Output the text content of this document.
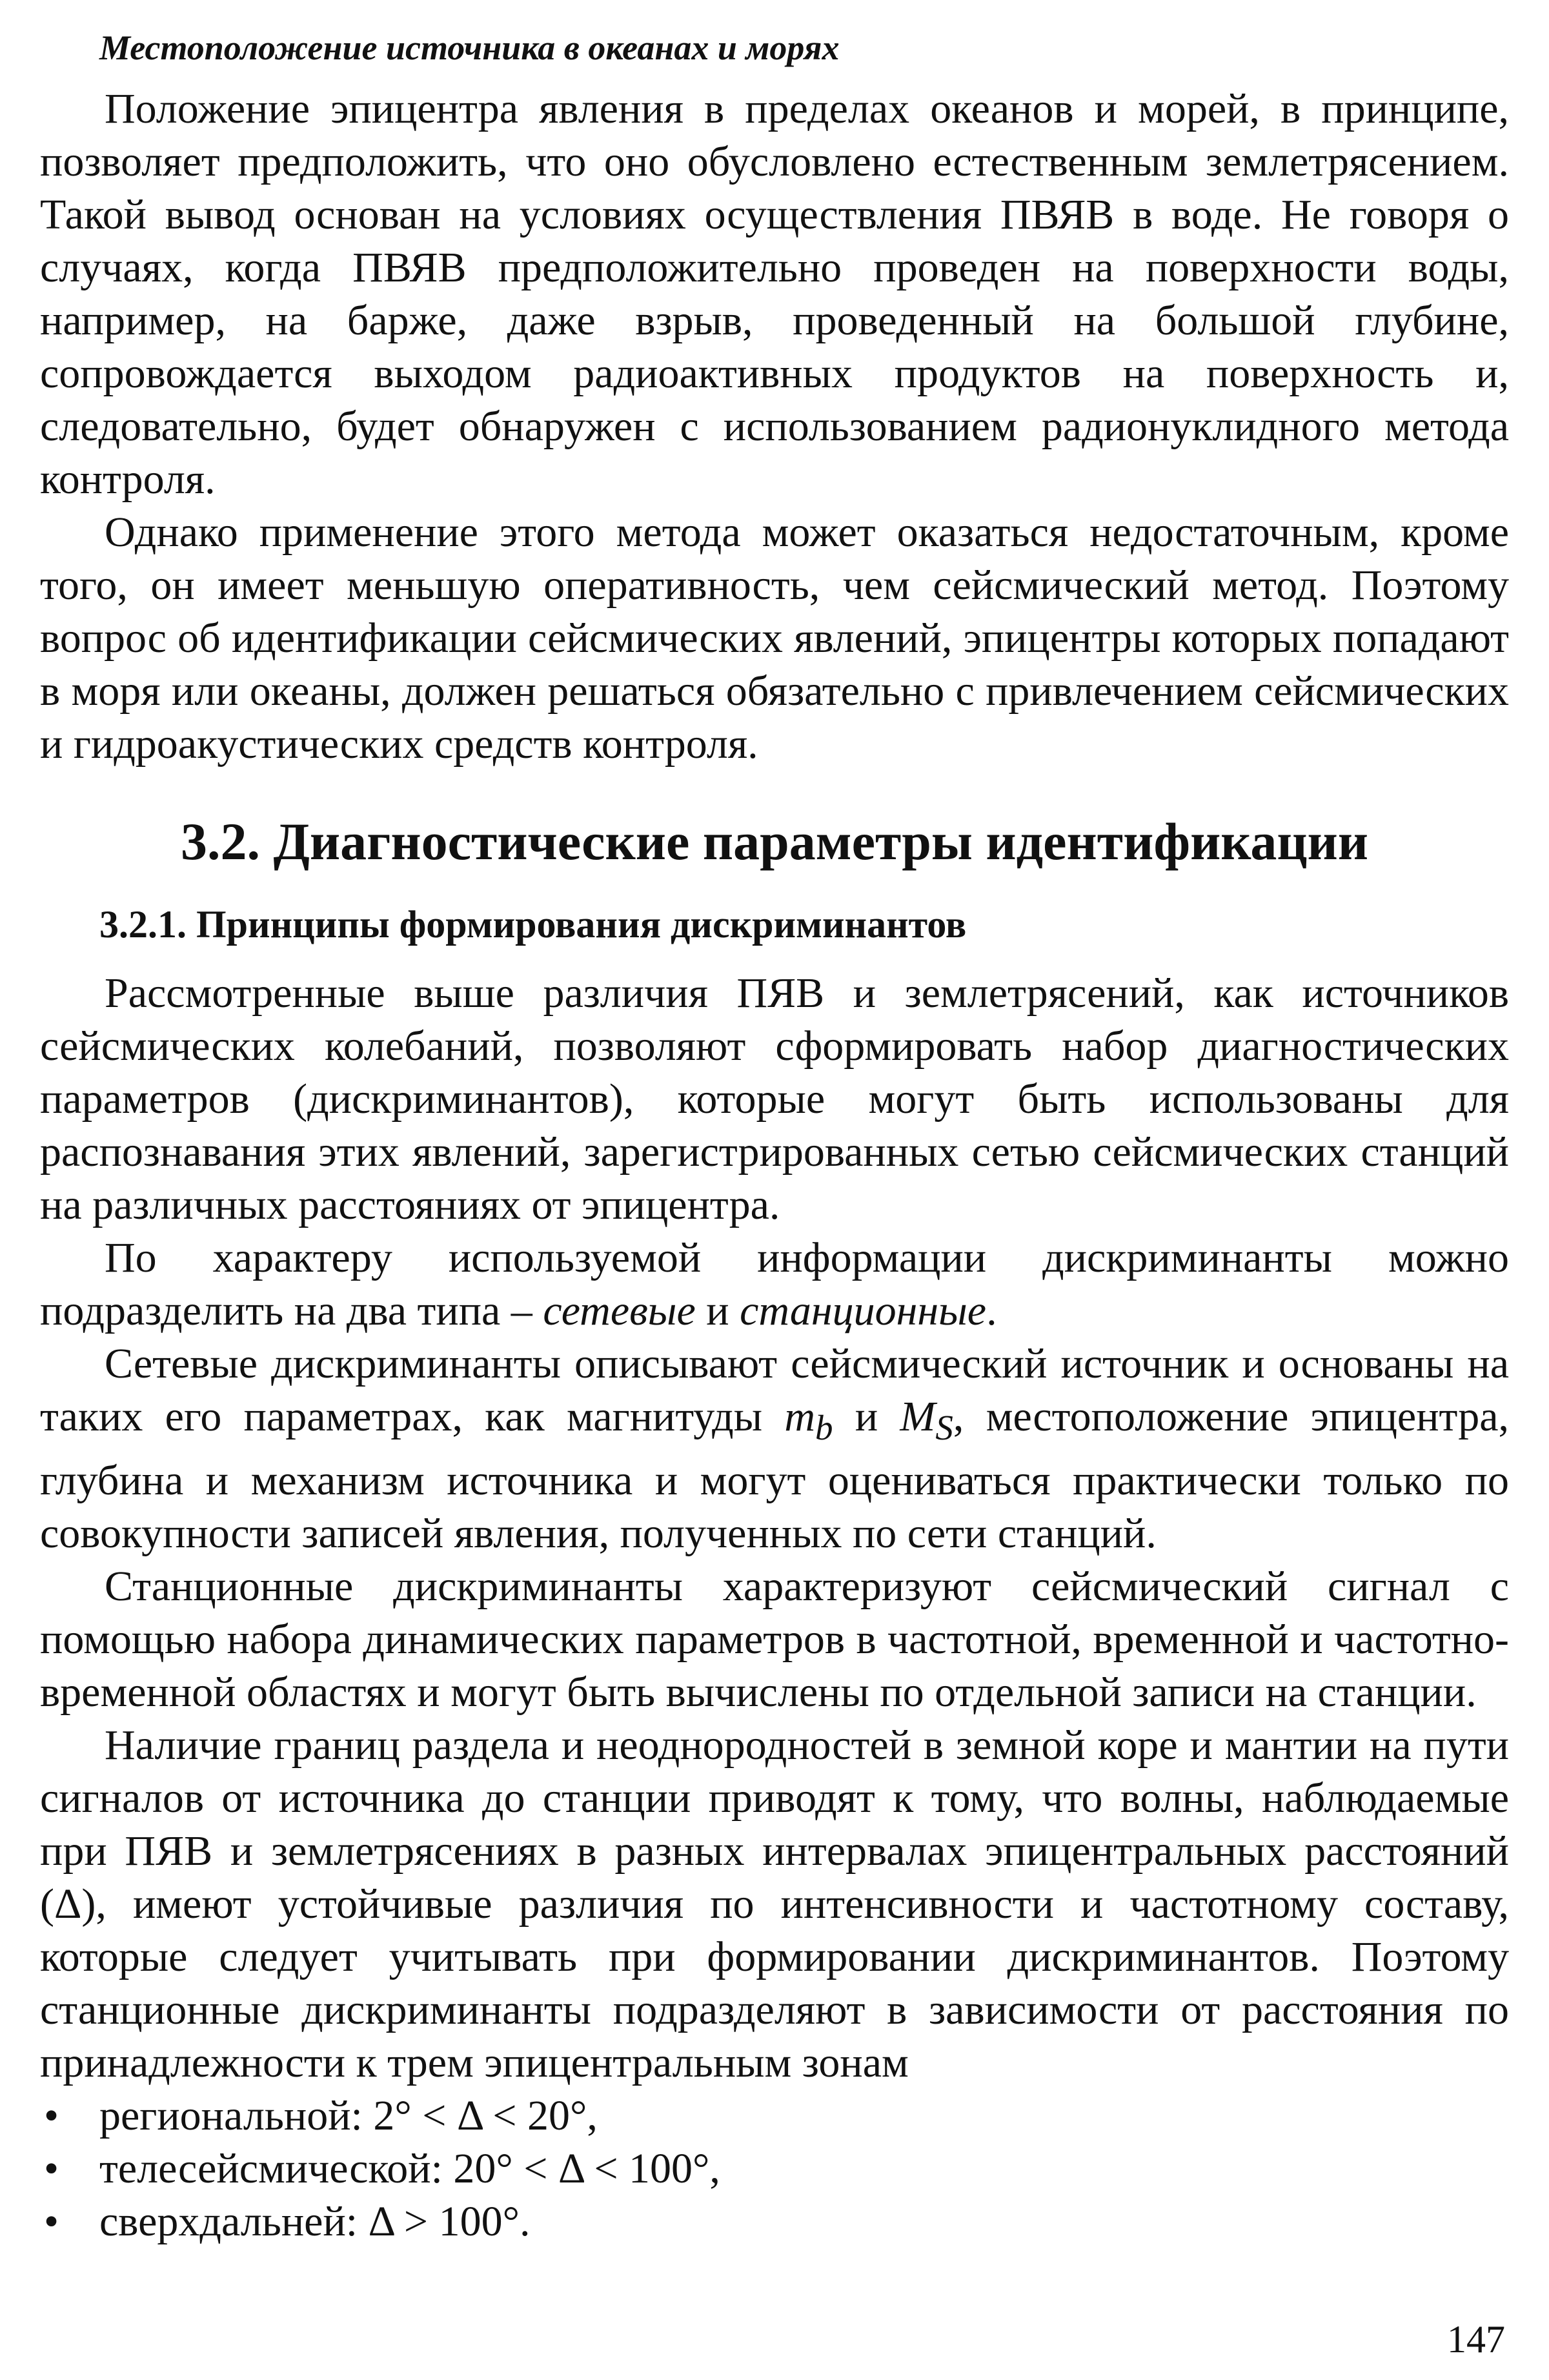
Местоположение источника в океанах и морях

Положение эпицентра явления в пределах океанов и морей, в принципе, позволяет предположить, что оно обусловлено естественным землетрясением. Такой вывод основан на условиях осуществления ПВЯВ в воде. Не говоря о случаях, когда ПВЯВ предположительно проведен на поверхности воды, например, на барже, даже взрыв, проведенный на большой глубине, сопровождается выходом радиоактивных продуктов на поверхность и, следовательно, будет обнаружен с использованием радионуклидного метода контроля.

Однако применение этого метода может оказаться недостаточным, кроме того, он имеет меньшую оперативность, чем сейсмический метод. Поэтому вопрос об идентификации сейсмических явлений, эпицентры которых попадают в моря или океаны, должен решаться обязательно с привлечением сейсмических и гидроакустических средств контроля.

3.2. Диагностические параметры идентификации
3.2.1. Принципы формирования дискриминантов

Рассмотренные выше различия ПЯВ и землетрясений, как источников сейсмических колебаний, позволяют сформировать набор диагностических параметров (дискриминантов), которые могут быть использованы для распознавания этих явлений, зарегистрированных сетью сейсмических станций на различных расстояниях от эпицентра.

По характеру используемой информации дискриминанты можно подразделить на два типа – сетевые и станционные.

Сетевые дискриминанты описывают сейсмический источник и основаны на таких его параметрах, как магнитуды $m_b$ и $M_S$, местоположение эпицентра, глубина и механизм источника и могут оцениваться практически только по совокупности записей явления, полученных по сети станций.

Станционные дискриминанты характеризуют сейсмический сигнал с помощью набора динамических параметров в частотной, временной и частотно-временной областях и могут быть вычислены по отдельной записи на станции.

Наличие границ раздела и неоднородностей в земной коре и мантии на пути сигналов от источника до станции приводят к тому, что волны, наблюдаемые при ПЯВ и землетрясениях в разных интервалах эпицентральных расстояний (Δ), имеют устойчивые различия по интенсивности и частотному составу, которые следует учитывать при формировании дискриминантов. Поэтому станционные дискриминанты подразделяют в зависимости от расстояния по принадлежности к трем эпицентральным зонам

• региональной: 2° < Δ < 20°,
• телесейсмической: 20° < Δ < 100°,
• сверхдальней: Δ > 100°.
147
